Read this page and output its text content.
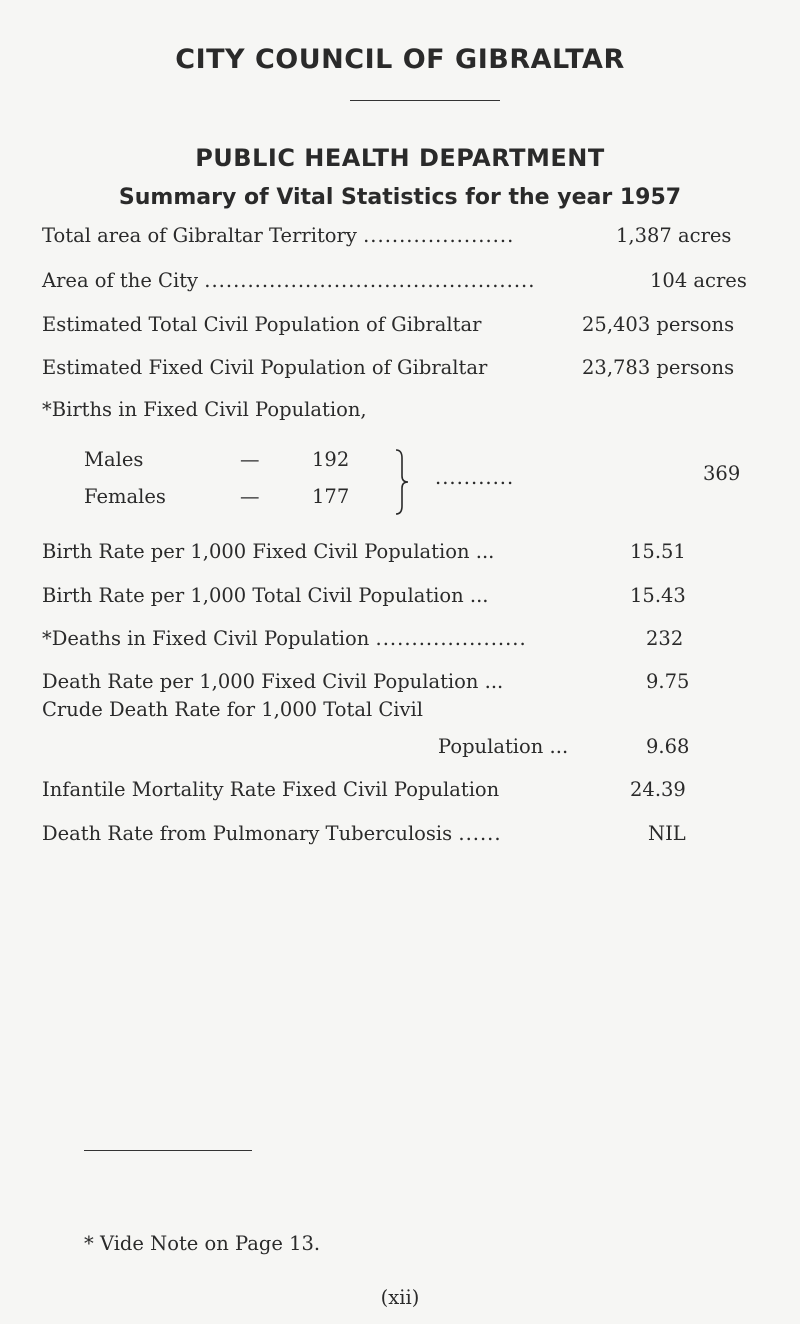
CITY COUNCIL OF GIBRALTAR
PUBLIC HEALTH DEPARTMENT
Summary of Vital Statistics for the year 1957
Total area of Gibraltar Territory .....................	1,387 acres
Area of the City ..............................................	104 acres
Estimated Total Civil Population of Gibraltar	25,403 persons
Estimated Fixed Civil Population of Gibraltar	23,783 persons
*Births in Fixed Civil Population,
Males	—	192
Females	—	177
...........	369
Birth Rate per 1,000 Fixed Civil Population ...	15.51
Birth Rate per 1,000 Total Civil Population ...	15.43
*Deaths in Fixed Civil Population .....................	232
Death Rate per 1,000 Fixed Civil Population ...	9.75
Crude Death Rate for 1,000 Total Civil
Population ...	9.68
Infantile Mortality Rate Fixed Civil Population	24.39
Death Rate from Pulmonary Tuberculosis ......	NIL
* Vide Note on Page 13.
(xii)
